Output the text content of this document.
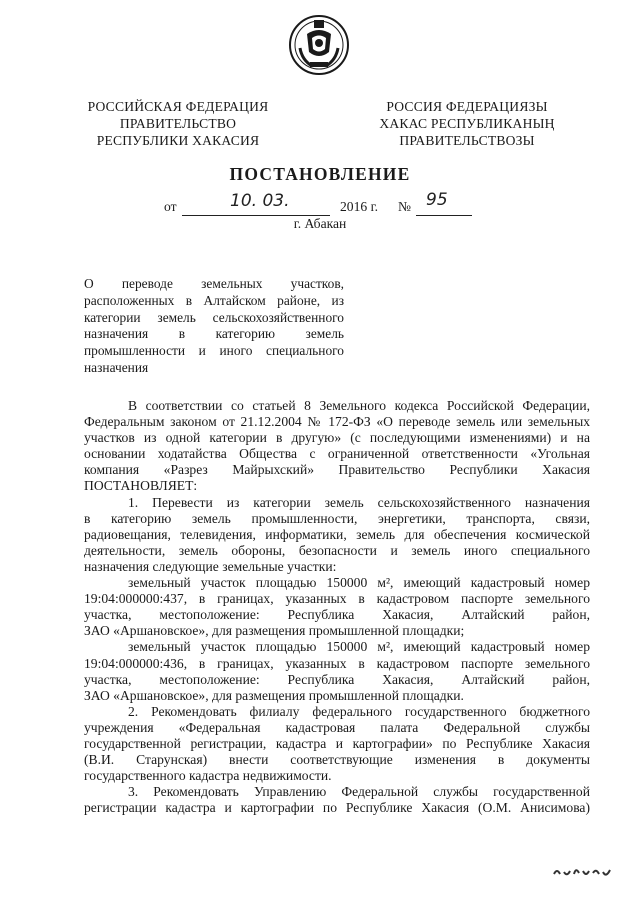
РОССИЙСКАЯ ФЕДЕРАЦИЯ
ПРАВИТЕЛЬСТВО
РЕСПУБЛИКИ ХАКАСИЯ
РОССИЯ ФЕДЕРАЦИЯЗЫ
ХАКАС РЕСПУБЛИКАНЫҢ
ПРАВИТЕЛЬСТВОЗЫ
ПОСТАНОВЛЕНИЕ
от	10. 03.	2016 г. № 95
г. Абакан
О переводе земельных участков,
расположенных в Алтайском районе, из
категории земель сельскохозяйственного
назначения в категорию земель
промышленности и иного специального
назначения
В соответствии со статьей 8 Земельного кодекса Российской Федерации,
Федеральным законом от 21.12.2004 № 172-ФЗ «О переводе земель или земельных
участков из одной категории в другую» (с последующими изменениями) и на
основании ходатайства Общества с ограниченной ответственности «Угольная
компания «Разрез Майрыхский» Правительство Республики Хакасия
ПОСТАНОВЛЯЕТ:
1. Перевести из категории земель сельскохозяйственного назначения
в категорию земель промышленности, энергетики, транспорта, связи,
радиовещания, телевидения, информатики, земель для обеспечения космической
деятельности, земель обороны, безопасности и земель иного специального
назначения следующие земельные участки:
земельный участок площадью 150000 м², имеющий кадастровый номер
19:04:000000:437, в границах, указанных в кадастровом паспорте земельного
участка, местоположение: Республика Хакасия, Алтайский район,
ЗАО «Аршановское», для размещения промышленной площадки;
земельный участок площадью 150000 м², имеющий кадастровый номер
19:04:000000:436, в границах, указанных в кадастровом паспорте земельного
участка, местоположение: Республика Хакасия, Алтайский район,
ЗАО «Аршановское», для размещения промышленной площадки.
2. Рекомендовать филиалу федерального государственного бюджетного
учреждения «Федеральная кадастровая палата Федеральной службы
государственной регистрации, кадастра и картографии» по Республике Хакасия
(В.И. Старунская) внести соответствующие изменения в документы
государственного кадастра недвижимости.
3. Рекомендовать Управлению Федеральной службы государственной
регистрации кадастра и картографии по Республике Хакасия (О.М. Анисимова)
